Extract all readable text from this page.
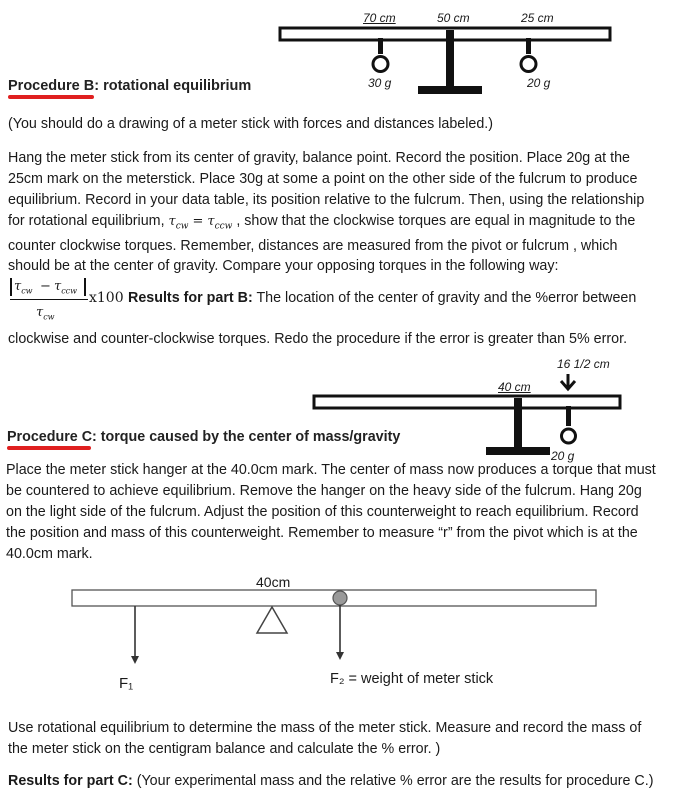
70 cm	50 cm	25 cm
30 g	20 g
Procedure B: rotational equilibrium
(You should do a drawing of a meter stick with forces and distances labeled.)
Hang the meter stick from its center of gravity, balance point. Record the position. Place 20g at the
25cm mark on the meterstick. Place 30g at some a point on the other side of the fulcrum to produce
equilibrium. Record in your data table, its position relative to the fulcrum. Then, using the relationship
for rotational equilibrium, $\tau_{cw} = \tau_{ccw}$ , show that the clockwise torques are equal in magnitude to the
counter clockwise torques. Remember, distances are measured from the pivot or fulcrum , which
should be at the center of gravity. Compare your opposing torques in the following way:
$\tau_{cw} - \tau_{ccw}$
$\tau_{cw}$
x100 Results for part B: The location of the center of gravity and the %error between
clockwise and counter-clockwise torques. Redo the procedure if the error is greater than 5% error.
40 cm
16 1/2 cm
20 g
Procedure C: torque caused by the center of mass/gravity
Place the meter stick hanger at the 40.0cm mark. The center of mass now produces a torque that must
be countered to achieve equilibrium. Remove the hanger on the heavy side of the fulcrum. Hang 20g
on the light side of the fulcrum. Adjust the position of this counterweight to reach equilibrium. Record
the position and mass of this counterweight. Remember to measure “r” from the pivot which is at the
40.0cm mark.
40cm
F₁	F₂ = weight of meter stick
Use rotational equilibrium to determine the mass of the meter stick. Measure and record the mass of
the meter stick on the centigram balance and calculate the % error. )
Results for part C: (Your experimental mass and the relative % error are the results for procedure C.)
